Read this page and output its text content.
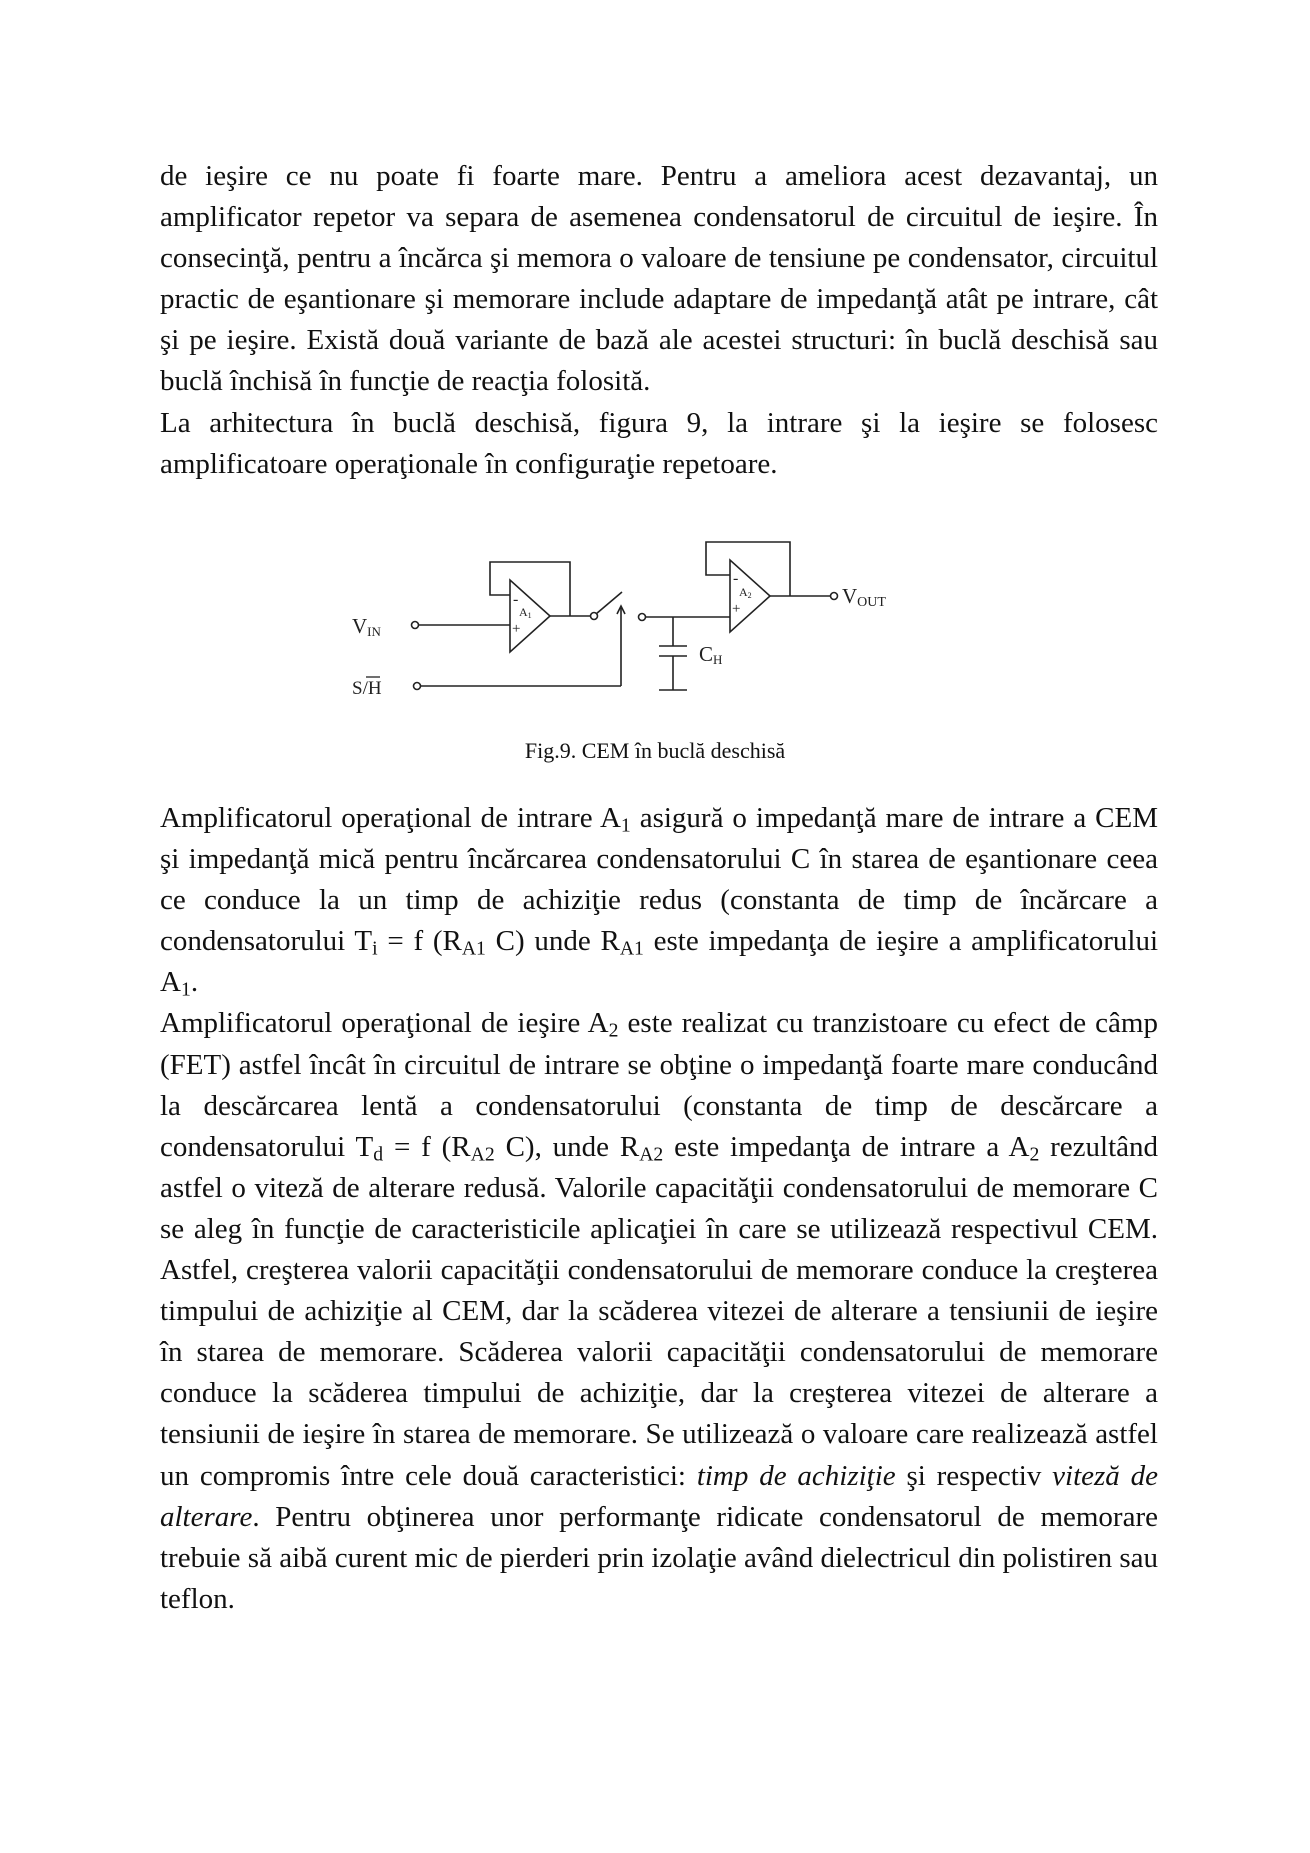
de ieşire ce nu poate fi foarte mare. Pentru a ameliora acest dezavantaj, un amplificator repetor va separa de asemenea condensatorul de circuitul de ieşire. În consecinţă, pentru a încărca şi memora o valoare de tensiune pe condensator, circuitul practic de eşantionare şi memorare include adaptare de impedanţă atât pe intrare, cât şi pe ieşire. Există două variante de bază ale acestei structuri: în buclă deschisă sau buclă închisă în funcţie de reacţia folosită.

La arhitectura în buclă deschisă, figura 9, la intrare şi la ieşire se folosesc amplificatoare operaţionale în configuraţie repetoare.

VIN
VOUT
S/H
CH
A1
-
+
A2
-
+
Fig.9. CEM în buclă deschisă

Amplificatorul operaţional de intrare $A_1$ asigură o impedanţă mare de intrare a CEM şi impedanţă mică pentru încărcarea condensatorului C în starea de eşantionare ceea ce conduce la un timp de achiziţie redus (constanta de timp de încărcare a condensatorului $T_i = f$ ($R_{A1}$ C) unde $R_{A1}$ este impedanţa de ieşire a amplificatorului $A_1$.

Amplificatorul operaţional de ieşire $A_2$ este realizat cu tranzistoare cu efect de câmp (FET) astfel încât în circuitul de intrare se obţine o impedanţă foarte mare conducând la descărcarea lentă a condensatorului (constanta de timp de descărcare a condensatorului $T_d = f$ ($R_{A2}$ C), unde $R_{A2}$ este impedanţa de intrare a $A_2$ rezultând astfel o viteză de alterare redusă. Valorile capacităţii condensatorului de memorare C se aleg în funcţie de caracteristicile aplicaţiei în care se utilizează respectivul CEM. Astfel, creşterea valorii capacităţii condensatorului de memorare conduce la creşterea timpului de achiziţie al CEM, dar la scăderea vitezei de alterare a tensiunii de ieşire în starea de memorare. Scăderea valorii capacităţii condensatorului de memorare conduce la scăderea timpului de achiziţie, dar la creşterea vitezei de alterare a tensiunii de ieşire în starea de memorare. Se utilizează o valoare care realizează astfel un compromis între cele două caracteristici: timp de achiziţie şi respectiv viteză de alterare. Pentru obţinerea unor performanţe ridicate condensatorul de memorare trebuie să aibă curent mic de pierderi prin izolaţie având dielectricul din polistiren sau teflon.
